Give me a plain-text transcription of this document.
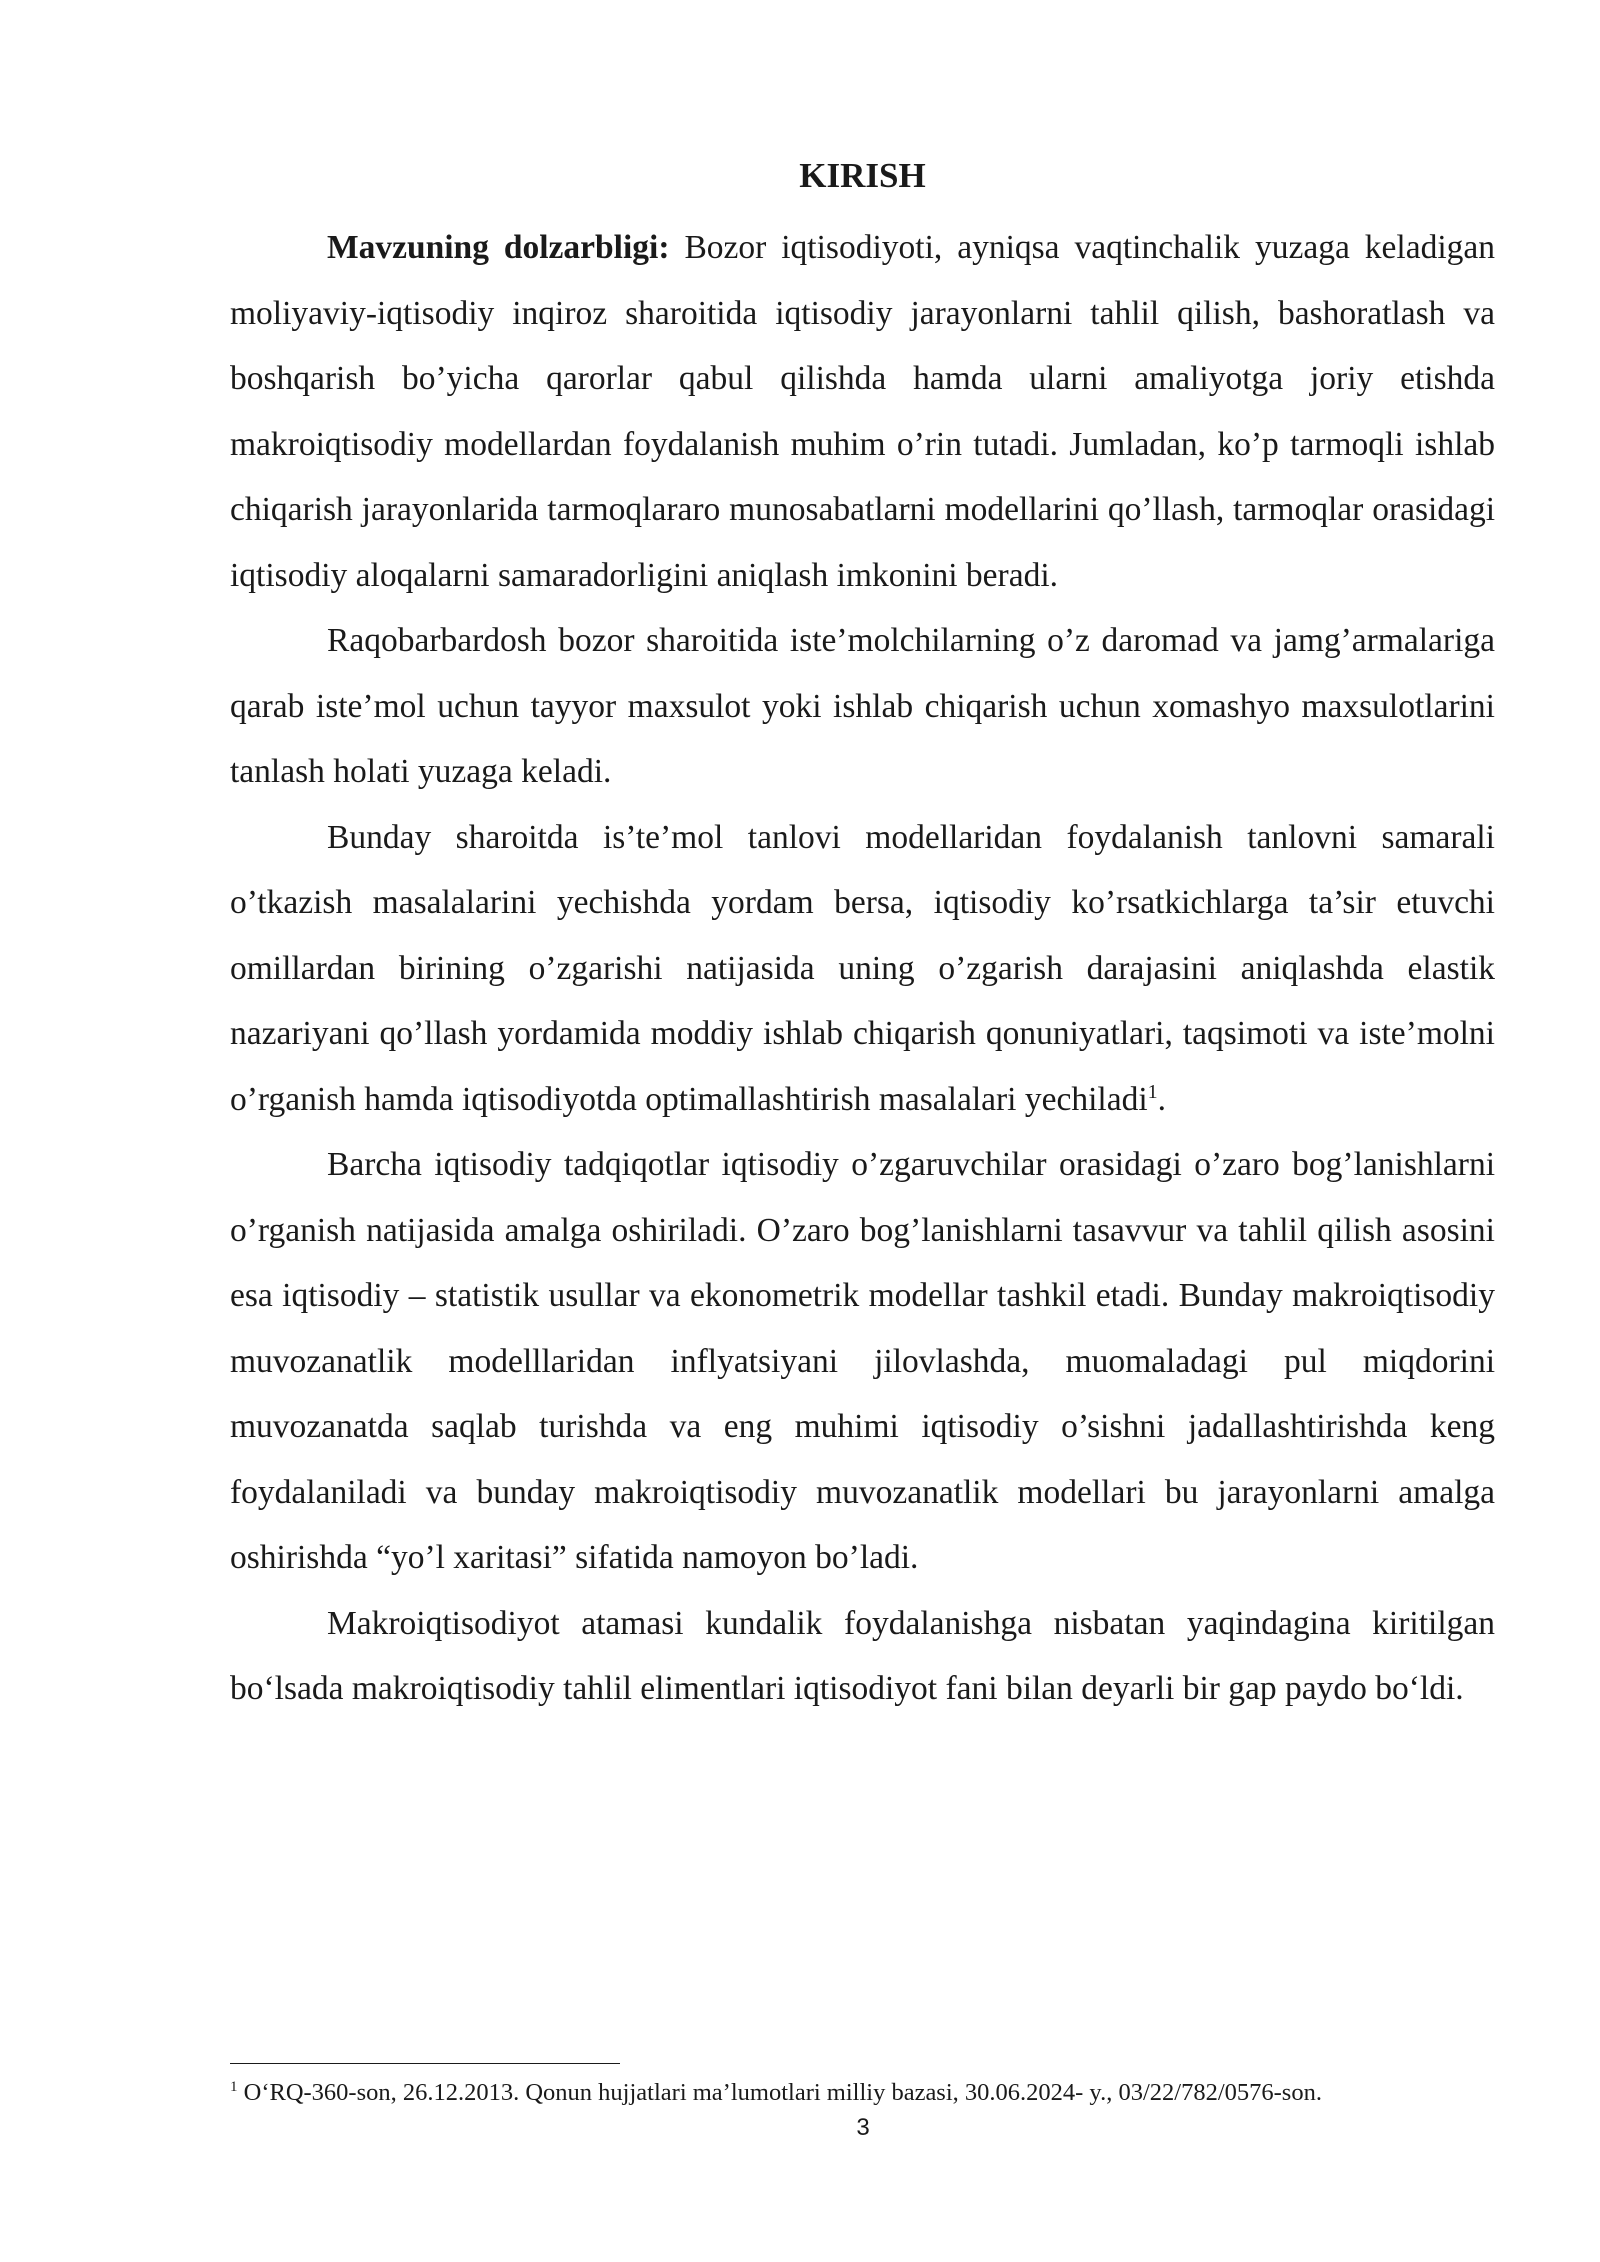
KIRISH

Mavzuning dolzarbligi: Bozor iqtisodiyoti, ayniqsa vaqtinchalik yuzaga keladigan moliyaviy-iqtisodiy inqiroz sharoitida iqtisodiy jarayonlarni tahlil qilish, bashoratlash va boshqarish bo’yicha qarorlar qabul qilishda hamda ularni amaliyotga joriy etishda makroiqtisodiy modellardan foydalanish muhim o’rin tutadi. Jumladan, ko’p tarmoqli ishlab chiqarish jarayonlarida tarmoqlararo munosabatlarni modellarini qo’llash, tarmoqlar orasidagi iqtisodiy aloqalarni samaradorligini aniqlash imkonini beradi.

Raqobarbardosh bozor sharoitida iste’molchilarning o’z daromad va jamg’armalariga qarab iste’mol uchun tayyor maxsulot yoki ishlab chiqarish uchun xomashyo maxsulotlarini tanlash holati yuzaga keladi.

Bunday sharoitda is’te’mol tanlovi modellaridan foydalanish tanlovni samarali o’tkazish masalalarini yechishda yordam bersa, iqtisodiy ko’rsatkichlarga ta’sir etuvchi omillardan birining o’zgarishi natijasida uning o’zgarish darajasini aniqlashda elastik nazariyani qo’llash yordamida moddiy ishlab chiqarish qonuniyatlari, taqsimoti va iste’molni o’rganish hamda iqtisodiyotda optimallashtirish masalalari yechiladi$^1$.

Barcha iqtisodiy tadqiqotlar iqtisodiy o’zgaruvchilar orasidagi o’zaro bog’lanishlarni o’rganish natijasida amalga oshiriladi. O’zaro bog’lanishlarni tasavvur va tahlil qilish asosini esa iqtisodiy – statistik usullar va ekonometrik modellar tashkil etadi. Bunday makroiqtisodiy muvozanatlik modelllaridan inflyatsiyani jilovlashda, muomaladagi pul miqdorini muvozanatda saqlab turishda va eng muhimi iqtisodiy o’sishni jadallashtirishda keng foydalaniladi va bunday makroiqtisodiy muvozanatlik modellari bu jarayonlarni amalga oshirishda “yo’l xaritasi” sifatida namoyon bo’ladi.

Makroiqtisodiyot atamasi kundalik foydalanishga nisbatan yaqindagina kiritilgan bo‘lsada makroiqtisodiy tahlil elimentlari iqtisodiyot fani bilan deyarli bir gap paydo bo‘ldi.

$^1$ O‘RQ-360-son, 26.12.2013. Qonun hujjatlari ma’lumotlari milliy bazasi, 30.06.2024- y., 03/22/782/0576-son.

3
